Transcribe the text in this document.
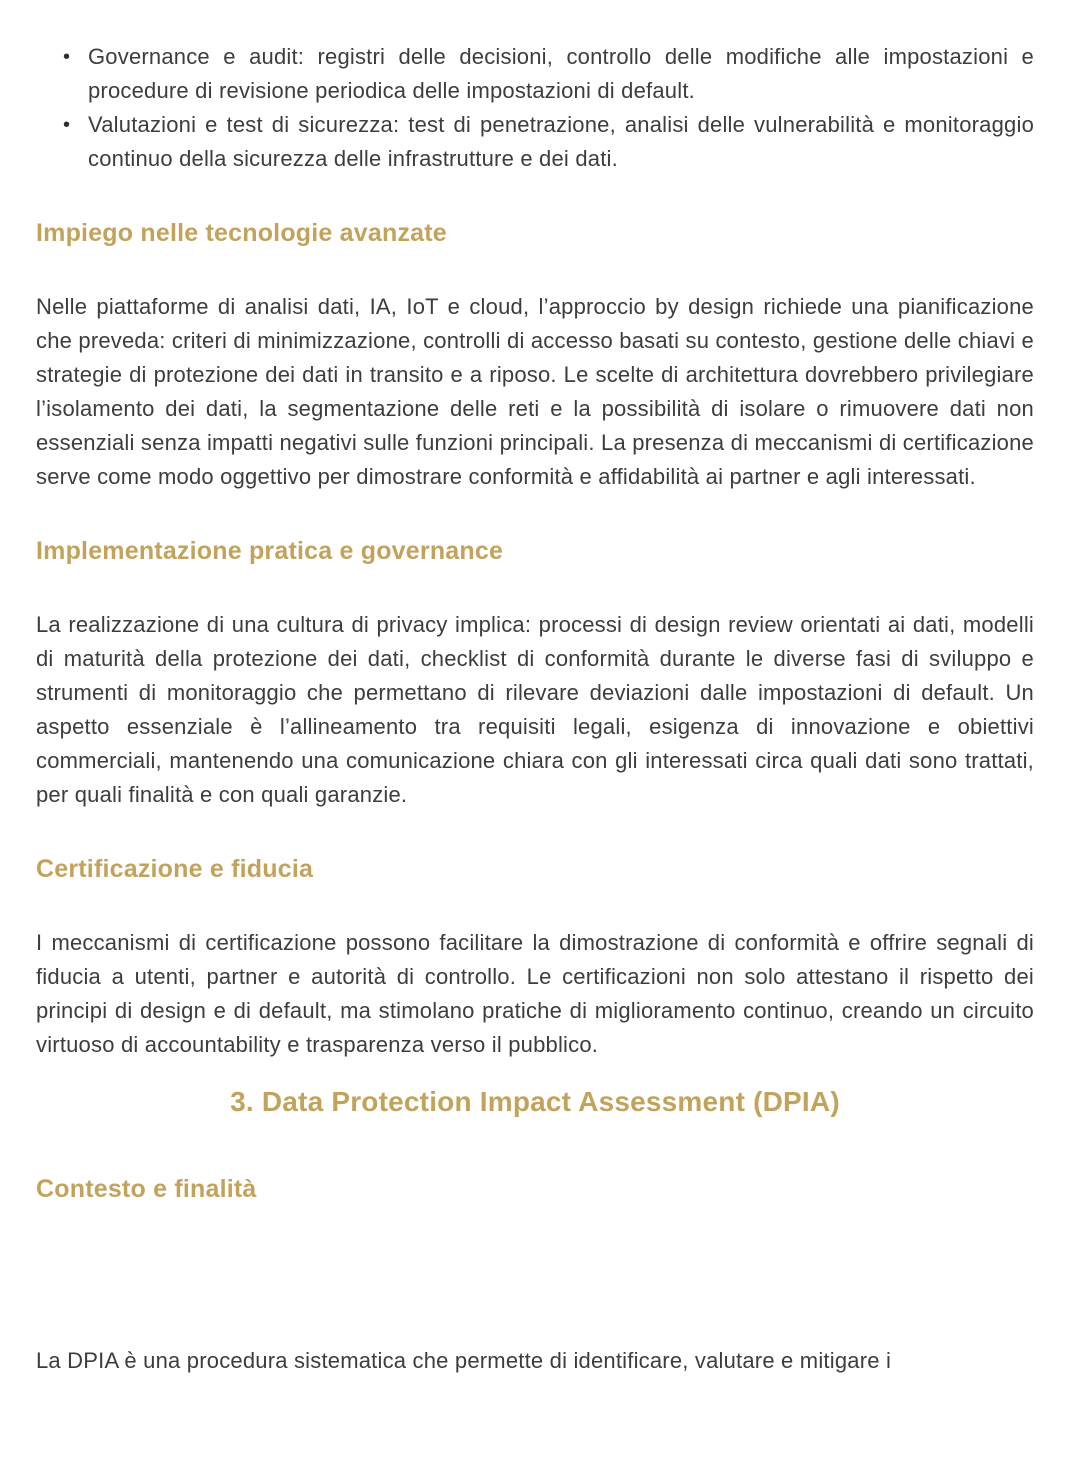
• Governance e audit: registri delle decisioni, controllo delle modifiche alle impostazioni e procedure di revisione periodica delle impostazioni di default.
• Valutazioni e test di sicurezza: test di penetrazione, analisi delle vulnerabilità e monitoraggio continuo della sicurezza delle infrastrutture e dei dati.
Impiego nelle tecnologie avanzate

Nelle piattaforme di analisi dati, IA, IoT e cloud, l’approccio by design richiede una pianificazione che preveda: criteri di minimizzazione, controlli di accesso basati su contesto, gestione delle chiavi e strategie di protezione dei dati in transito e a riposo. Le scelte di architettura dovrebbero privilegiare l’isolamento dei dati, la segmentazione delle reti e la possibilità di isolare o rimuovere dati non essenziali senza impatti negativi sulle funzioni principali. La presenza di meccanismi di certificazione serve come modo oggettivo per dimostrare conformità e affidabilità ai partner e agli interessati.

Implementazione pratica e governance

La realizzazione di una cultura di privacy implica: processi di design review orientati ai dati, modelli di maturità della protezione dei dati, checklist di conformità durante le diverse fasi di sviluppo e strumenti di monitoraggio che permettano di rilevare deviazioni dalle impostazioni di default. Un aspetto essenziale è l’allineamento tra requisiti legali, esigenza di innovazione e obiettivi commerciali, mantenendo una comunicazione chiara con gli interessati circa quali dati sono trattati, per quali finalità e con quali garanzie.

Certificazione e fiducia

I meccanismi di certificazione possono facilitare la dimostrazione di conformità e offrire segnali di fiducia a utenti, partner e autorità di controllo. Le certificazioni non solo attestano il rispetto dei principi di design e di default, ma stimolano pratiche di miglioramento continuo, creando un circuito virtuoso di accountability e trasparenza verso il pubblico.

3. Data Protection Impact Assessment (DPIA)
Contesto e finalità

La DPIA è una procedura sistematica che permette di identificare, valutare e mitigare i
